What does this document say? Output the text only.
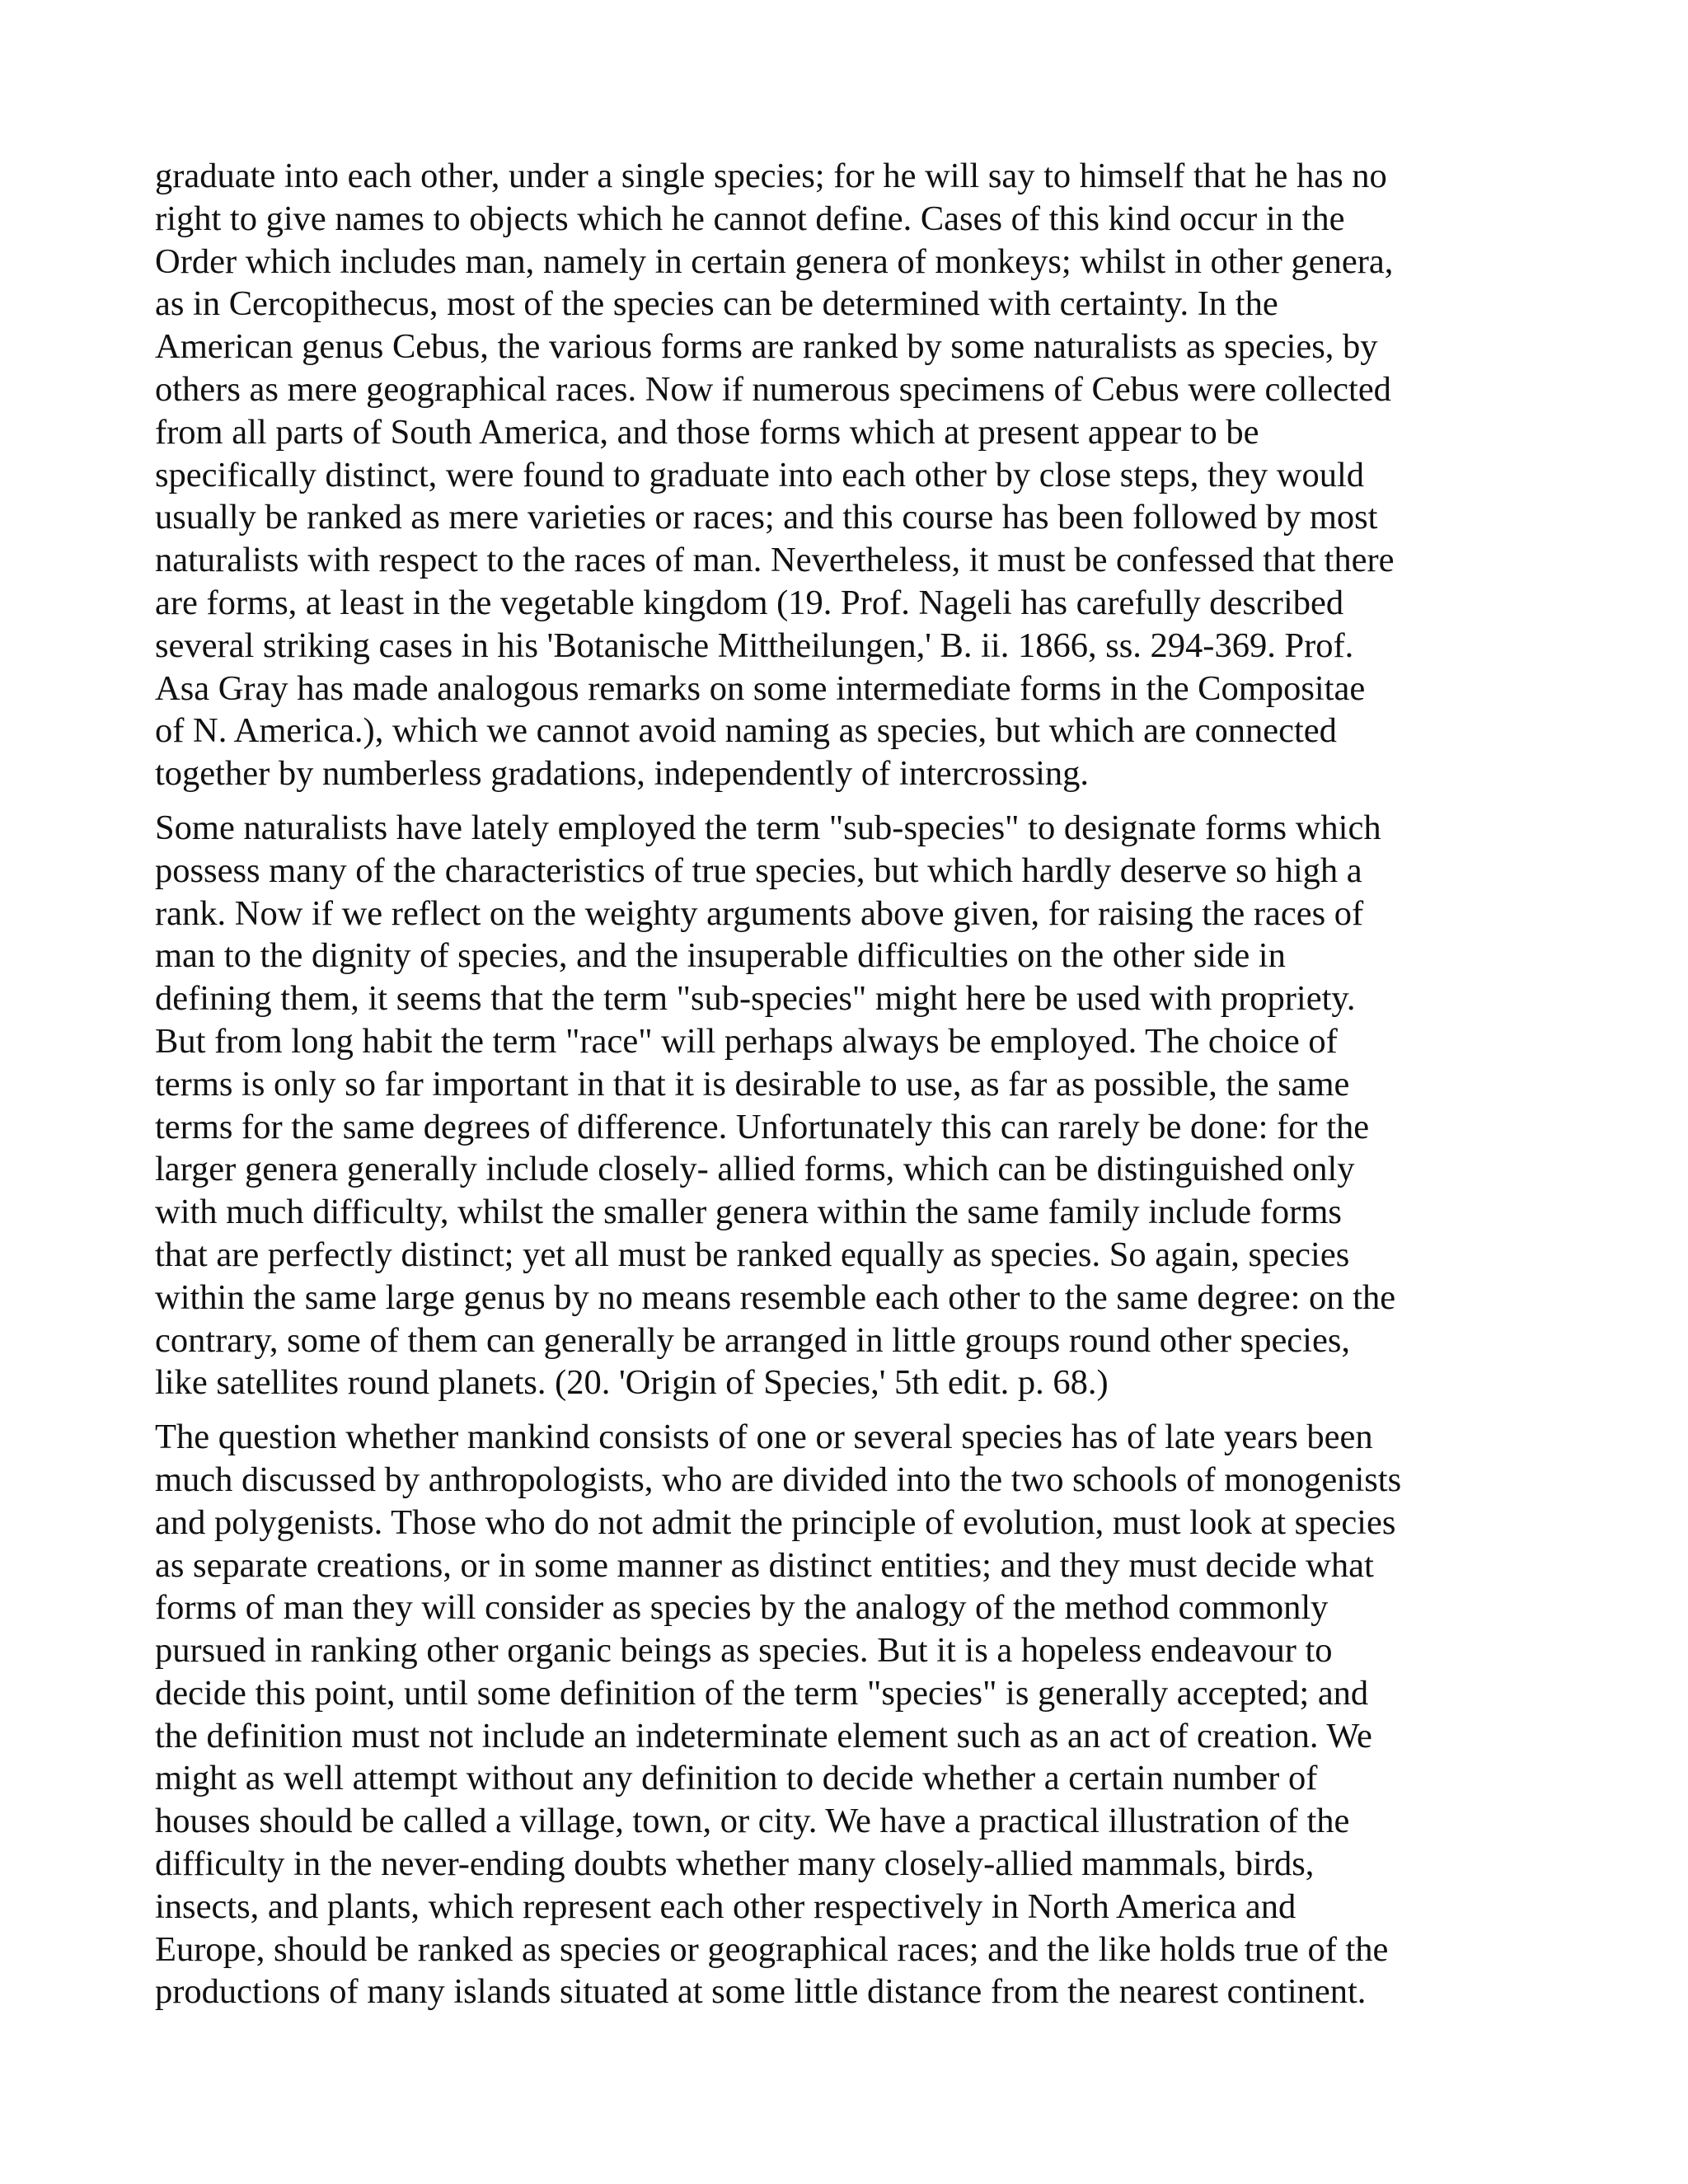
graduate into each other, under a single species; for he will say to himself that he has no
right to give names to objects which he cannot define. Cases of this kind occur in the
Order which includes man, namely in certain genera of monkeys; whilst in other genera,
as in Cercopithecus, most of the species can be determined with certainty. In the
American genus Cebus, the various forms are ranked by some naturalists as species, by
others as mere geographical races. Now if numerous specimens of Cebus were collected
from all parts of South America, and those forms which at present appear to be
specifically distinct, were found to graduate into each other by close steps, they would
usually be ranked as mere varieties or races; and this course has been followed by most
naturalists with respect to the races of man. Nevertheless, it must be confessed that there
are forms, at least in the vegetable kingdom (19. Prof. Nageli has carefully described
several striking cases in his 'Botanische Mittheilungen,' B. ii. 1866, ss. 294-369. Prof.
Asa Gray has made analogous remarks on some intermediate forms in the Compositae
of N. America.), which we cannot avoid naming as species, but which are connected
together by numberless gradations, independently of intercrossing.
Some naturalists have lately employed the term "sub-species" to designate forms which
possess many of the characteristics of true species, but which hardly deserve so high a
rank. Now if we reflect on the weighty arguments above given, for raising the races of
man to the dignity of species, and the insuperable difficulties on the other side in
defining them, it seems that the term "sub-species" might here be used with propriety.
But from long habit the term "race" will perhaps always be employed. The choice of
terms is only so far important in that it is desirable to use, as far as possible, the same
terms for the same degrees of difference. Unfortunately this can rarely be done: for the
larger genera generally include closely- allied forms, which can be distinguished only
with much difficulty, whilst the smaller genera within the same family include forms
that are perfectly distinct; yet all must be ranked equally as species. So again, species
within the same large genus by no means resemble each other to the same degree: on the
contrary, some of them can generally be arranged in little groups round other species,
like satellites round planets. (20. 'Origin of Species,' 5th edit. p. 68.)
The question whether mankind consists of one or several species has of late years been
much discussed by anthropologists, who are divided into the two schools of monogenists
and polygenists. Those who do not admit the principle of evolution, must look at species
as separate creations, or in some manner as distinct entities; and they must decide what
forms of man they will consider as species by the analogy of the method commonly
pursued in ranking other organic beings as species. But it is a hopeless endeavour to
decide this point, until some definition of the term "species" is generally accepted; and
the definition must not include an indeterminate element such as an act of creation. We
might as well attempt without any definition to decide whether a certain number of
houses should be called a village, town, or city. We have a practical illustration of the
difficulty in the never-ending doubts whether many closely-allied mammals, birds,
insects, and plants, which represent each other respectively in North America and
Europe, should be ranked as species or geographical races; and the like holds true of the
productions of many islands situated at some little distance from the nearest continent.
